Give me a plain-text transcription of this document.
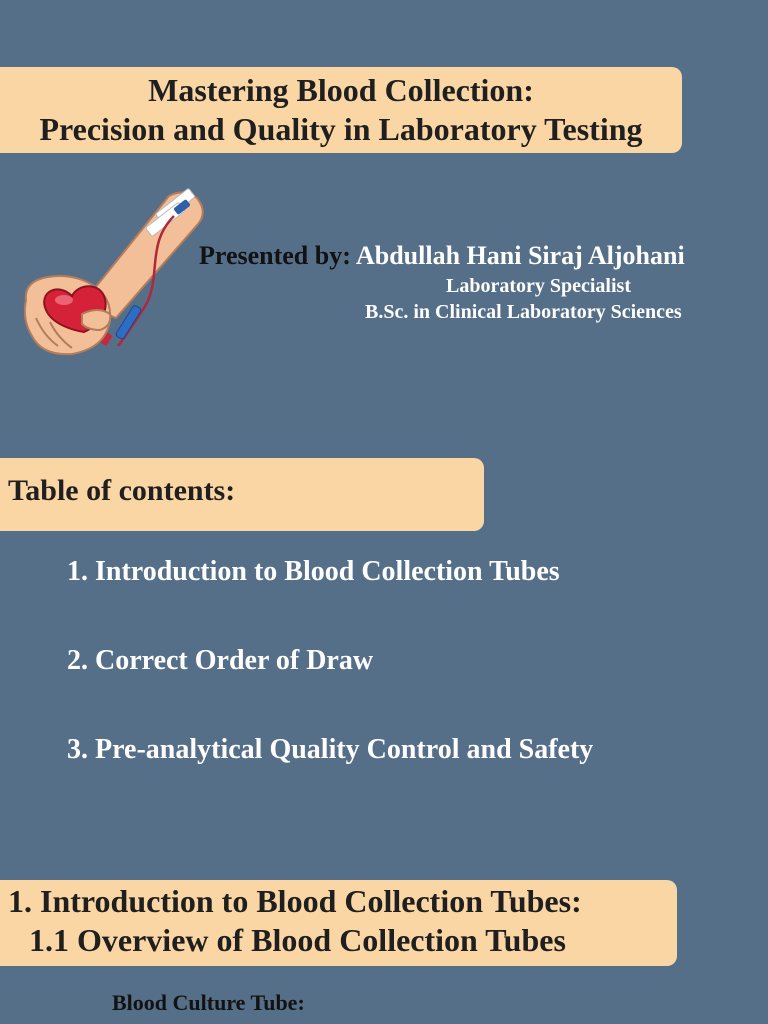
Mastering Blood Collection:
Precision and Quality in Laboratory Testing
Presented by: Abdullah Hani Siraj Aljohani
Laboratory Specialist
B.Sc. in Clinical Laboratory Sciences
Table of contents:
1. Introduction to Blood Collection Tubes
2. Correct Order of Draw
3. Pre-analytical Quality Control and Safety
1. Introduction to Blood Collection Tubes:
1.1 Overview of Blood Collection Tubes
Blood Culture Tube:
